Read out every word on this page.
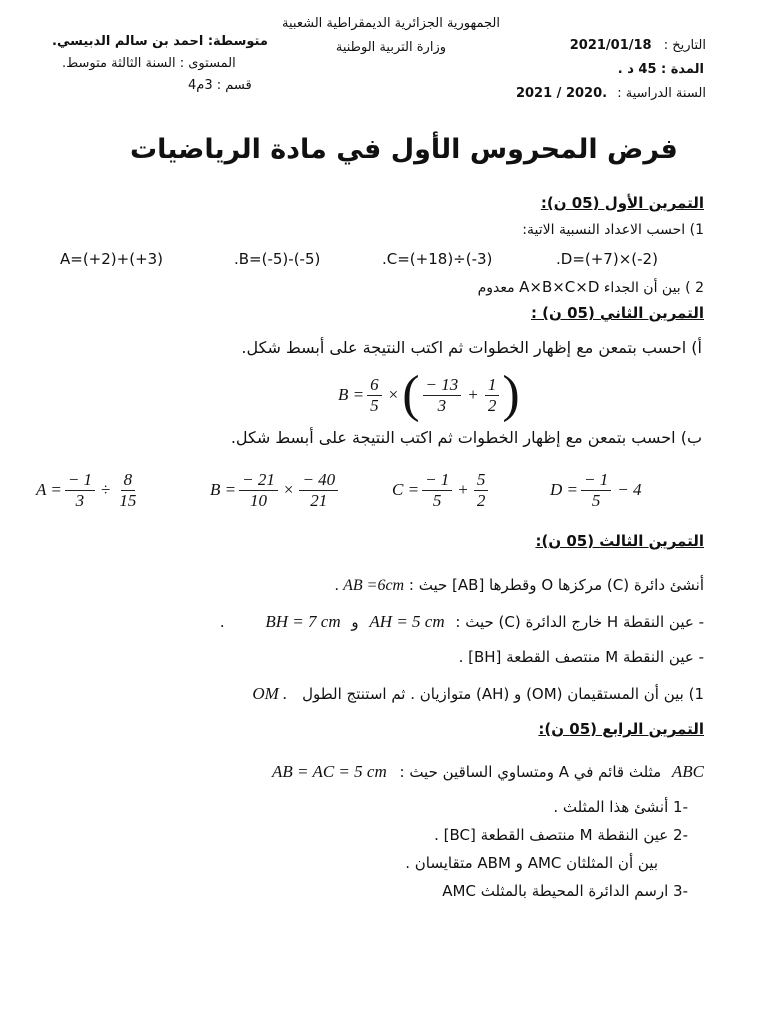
الجمهورية الجزائرية الديمقراطية الشعبية
وزارة التربية الوطنية
متوسطة: احمد بن سالم الدبيسي.
المستوى : السنة الثالثة متوسط.
قسم : 3م4
2021/01/18 التاريخ :
المدة : 45 د .
2021 / 2020. السنة الدراسية :
فرض المحروس الأول في مادة الرياضيات
التمرين الأول (05 ن):
1) احسب الاعداد النسبية الاتية:
A=(+2)+(+3)	.B=(-5)-(-5)	.C=(+18)÷(-3)	.D=(+7)×(-2)
2 ) بين أن الجداء A×B×C×D معدوم
التمرين الثاني (05 ن) :
أ) احسب بتمعن مع إظهار الخطوات ثم اكتب النتيجة على أبسط شكل.
$B = \frac{6}{5}$ × ( $\frac{- 13}{3} + \frac{1}{2}$ )
ب) احسب بتمعن مع إظهار الخطوات ثم اكتب النتيجة على أبسط شكل.
$A = \frac{- 1}{3} \div \frac{8}{15}$	$B = \frac{- 21}{10} \times \frac{- 40}{21}$	$C = \frac{- 1}{5} + \frac{5}{2}$	$D = \frac{- 1}{5} - 4$
التمرين الثالث (05 ن):
أنشئ دائرة (C) مركزها O وقطرها [AB] حيث : . AB =6cm
- عين النقطة H خارج الدائرة (C) حيث : AH = 5 cm و BH = 7 cm .
- عين النقطة M منتصف القطعة [BH] .
1) بين أن المستقيمان (OM) و (AH) متوازيان . ثم استنتج الطول OM .
التمرين الرابع (05 ن):
ABC مثلث قائم في A ومتساوي الساقين حيث : AB = AC = 5 cm
-1 أنشئ هذا المثلث .
-2 عين النقطة M منتصف القطعة [BC] .
بين أن المثلثان AMC و ABM متقايسان .
-3 ارسم الدائرة المحيطة بالمثلث AMC
